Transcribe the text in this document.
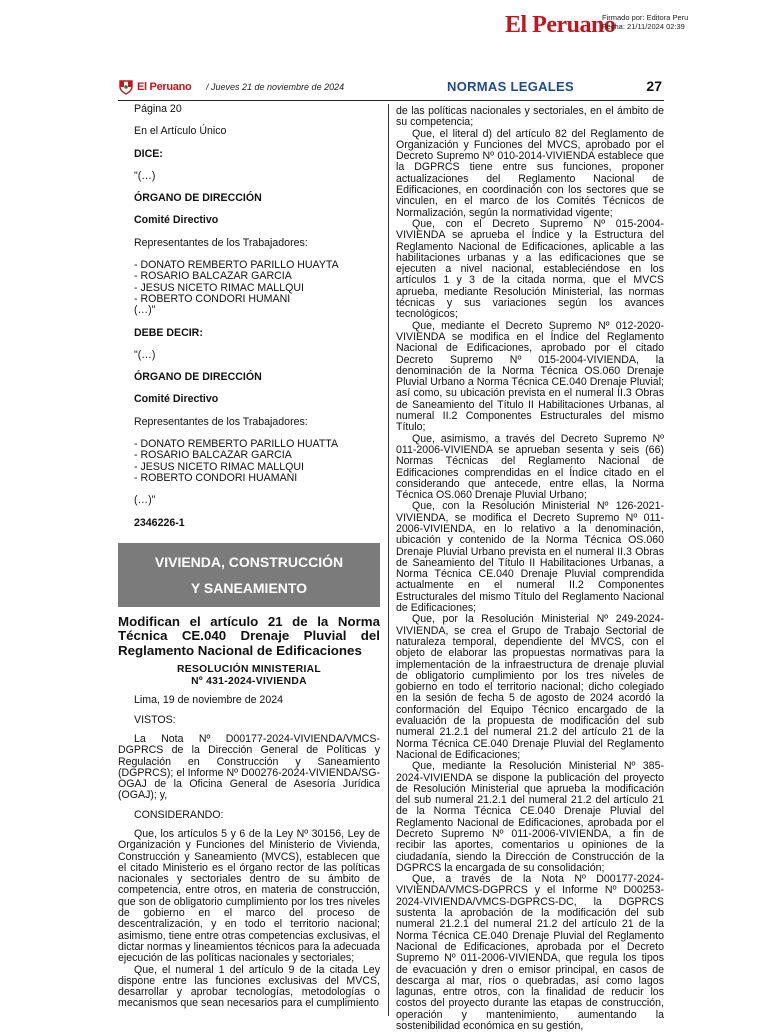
El Peruano
Firmado por: Editora Peru
Fecha: 21/11/2024 02:39
El Peruano / Jueves 21 de noviembre de 2024	NORMAS LEGALES	27

Página 20

En el Artículo Único

DICE:

"(…)

ÓRGANO DE DIRECCIÓN

Comité Directivo

Representantes de los Trabajadores:

- DONATO REMBERTO PARILLO HUAYTA

- ROSARIO BALCAZAR GARCIA

- JESUS NICETO RIMAC MALLQUI

- ROBERTO CONDORI HUMANI

(…)"

DEBE DECIR:

"(…)

ÓRGANO DE DIRECCIÓN

Comité Directivo

Representantes de los Trabajadores:

- DONATO REMBERTO PARILLO HUATTA

- ROSARIO BALCAZAR GARCIA

- JESUS NICETO RIMAC MALLQUI

- ROBERTO CONDORI HUAMANI

(…)"

2346226-1

VIVIENDA, CONSTRUCCIÓN
Y SANEAMIENTO
Modifican el artículo 21 de la Norma Técnica CE.040 Drenaje Pluvial del Reglamento Nacional de Edificaciones
RESOLUCIÓN MINISTERIAL
Nº 431-2024-VIVIENDA

Lima, 19 de noviembre de 2024

VISTOS:

La Nota Nº D00177-2024-VIVIENDA/VMCS-DGPRCS de la Dirección General de Políticas y Regulación en Construcción y Saneamiento (DGPRCS); el Informe Nº D00276-2024-VIVIENDA/SG-OGAJ de la Oficina General de Asesoría Jurídica (OGAJ); y,

CONSIDERANDO:

Que, los artículos 5 y 6 de la Ley Nº 30156, Ley de Organización y Funciones del Ministerio de Vivienda, Construcción y Saneamiento (MVCS), establecen que el citado Ministerio es el órgano rector de las políticas nacionales y sectoriales dentro de su ámbito de competencia, entre otros, en materia de construcción, que son de obligatorio cumplimiento por los tres niveles de gobierno en el marco del proceso de descentralización, y en todo el territorio nacional; asimismo, tiene entre otras competencias exclusivas, el dictar normas y lineamientos técnicos para la adecuada ejecución de las políticas nacionales y sectoriales;

Que, el numeral 1 del artículo 9 de la citada Ley dispone entre las funciones exclusivas del MVCS, desarrollar y aprobar tecnologías, metodologías o mecanismos que sean necesarios para el cumplimiento

de las políticas nacionales y sectoriales, en el ámbito de su competencia;

Que, el literal d) del artículo 82 del Reglamento de Organización y Funciones del MVCS, aprobado por el Decreto Supremo Nº 010-2014-VIVIENDA establece que la DGPRCS tiene entre sus funciones, proponer actualizaciones del Reglamento Nacional de Edificaciones, en coordinación con los sectores que se vinculen, en el marco de los Comités Técnicos de Normalización, según la normatividad vigente;

Que, con el Decreto Supremo Nº 015-2004-VIVIENDA se aprueba el Índice y la Estructura del Reglamento Nacional de Edificaciones, aplicable a las habilitaciones urbanas y a las edificaciones que se ejecuten a nivel nacional, estableciéndose en los artículos 1 y 3 de la citada norma, que el MVCS aprueba, mediante Resolución Ministerial, las normas técnicas y sus variaciones según los avances tecnológicos;

Que, mediante el Decreto Supremo Nº 012-2020-VIVIENDA se modifica en el Índice del Reglamento Nacional de Edificaciones, aprobado por el citado Decreto Supremo Nº 015-2004-VIVIENDA, la denominación de la Norma Técnica OS.060 Drenaje Pluvial Urbano a Norma Técnica CE.040 Drenaje Pluvial; así como, su ubicación prevista en el numeral II.3 Obras de Saneamiento del Título II Habilitaciones Urbanas, al numeral II.2 Componentes Estructurales del mismo Título;

Que, asimismo, a través del Decreto Supremo Nº 011-2006-VIVIENDA se aprueban sesenta y seis (66) Normas Técnicas del Reglamento Nacional de Edificaciones comprendidas en el Índice citado en el considerando que antecede, entre ellas, la Norma Técnica OS.060 Drenaje Pluvial Urbano;

Que, con la Resolución Ministerial Nº 126-2021-VIVIENDA, se modifica el Decreto Supremo Nº 011-2006-VIVIENDA, en lo relativo a la denominación, ubicación y contenido de la Norma Técnica OS.060 Drenaje Pluvial Urbano prevista en el numeral II.3 Obras de Saneamiento del Título II Habilitaciones Urbanas, a Norma Técnica CE.040 Drenaje Pluvial comprendida actualmente en el numeral II.2 Componentes Estructurales del mismo Título del Reglamento Nacional de Edificaciones;

Que, por la Resolución Ministerial Nº 249-2024-VIVIENDA, se crea el Grupo de Trabajo Sectorial de naturaleza temporal, dependiente del MVCS, con el objeto de elaborar las propuestas normativas para la implementación de la infraestructura de drenaje pluvial de obligatorio cumplimiento por los tres niveles de gobierno en todo el territorio nacional; dicho colegiado en la sesión de fecha 5 de agosto de 2024 acordó la conformación del Equipo Técnico encargado de la evaluación de la propuesta de modificación del sub numeral 21.2.1 del numeral 21.2 del artículo 21 de la Norma Técnica CE.040 Drenaje Pluvial del Reglamento Nacional de Edificaciones;

Que, mediante la Resolución Ministerial Nº 385-2024-VIVIENDA se dispone la publicación del proyecto de Resolución Ministerial que aprueba la modificación del sub numeral 21.2.1 del numeral 21.2 del artículo 21 de la Norma Técnica CE.040 Drenaje Pluvial del Reglamento Nacional de Edificaciones, aprobada por el Decreto Supremo Nº 011-2006-VIVIENDA, a fin de recibir las aportes, comentarios u opiniones de la ciudadanía, siendo la Dirección de Construcción de la DGPRCS la encargada de su consolidación;

Que, a través de la Nota Nº D00177-2024-VIVIENDA/VMCS-DGPRCS y el Informe Nº D00253-2024-VIVIENDA/VMCS-DGPRCS-DC, la DGPRCS sustenta la aprobación de la modificación del sub numeral 21.2.1 del numeral 21.2 del artículo 21 de la Norma Técnica CE.040 Drenaje Pluvial del Reglamento Nacional de Edificaciones, aprobada por el Decreto Supremo Nº 011-2006-VIVIENDA, que regula los tipos de evacuación y dren o emisor principal, en casos de descarga al mar, ríos o quebradas, así como lagos lagunas, entre otros, con la finalidad de reducir los costos del proyecto durante las etapas de construcción, operación y mantenimiento, aumentando la sostenibilidad económica en su gestión,
